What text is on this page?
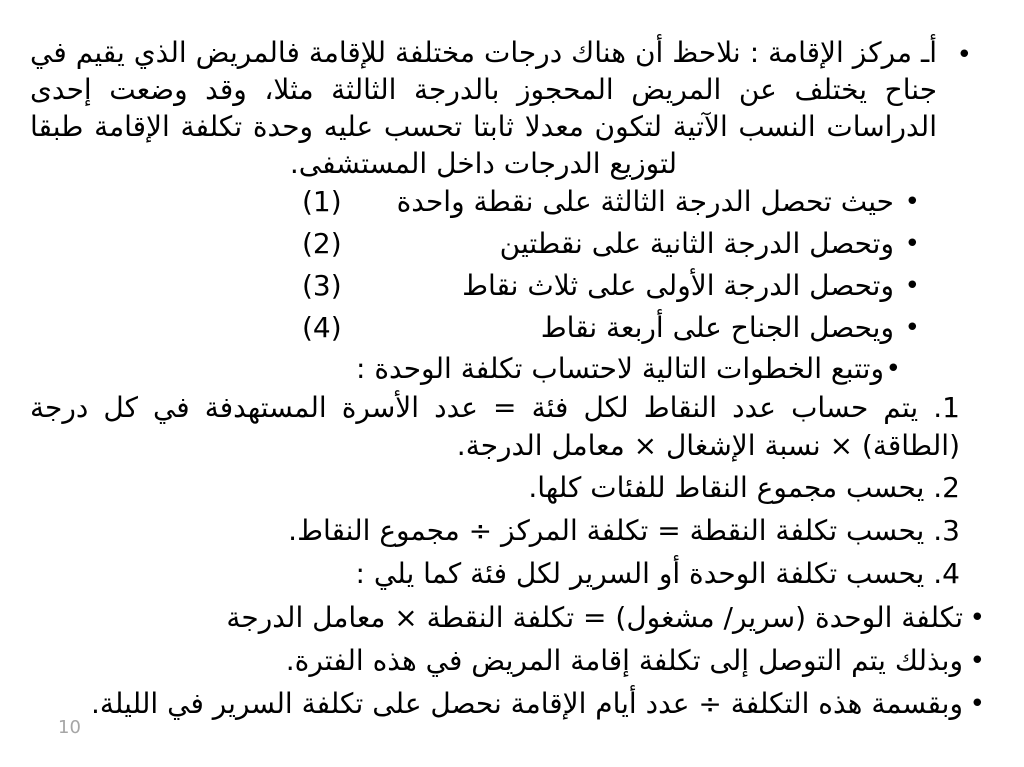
•
أـ مركز الإقامة : نلاحظ أن هناك درجات مختلفة للإقامة فالمريض الذي يقيم في جناح يختلف عن المريض المحجوز بالدرجة الثالثة مثلا، وقد وضعت إحدى الدراسات النسب الآتية لتكون معدلا ثابتا تحسب عليه وحدة تكلفة الإقامة طبقا لتوزيع الدرجات داخل المستشفى.
•
حيث تحصل الدرجة الثالثة على نقطة واحدة
(1)
•
وتحصل الدرجة الثانية على نقطتين
(2)
•
وتحصل الدرجة الأولى على ثلاث نقاط
(3)
•
ويحصل الجناح على أربعة نقاط
(4)
•
وتتبع الخطوات التالية لاحتساب تكلفة الوحدة :
1. يتم حساب عدد النقاط لكل فئة = عدد الأسرة المستهدفة في كل درجة (الطاقة) × نسبة الإشغال × معامل الدرجة.
2. يحسب مجموع النقاط للفئات كلها.
3. يحسب تكلفة النقطة = تكلفة المركز ÷ مجموع النقاط.
4. يحسب تكلفة الوحدة أو السرير لكل فئة كما يلي :
•
تكلفة الوحدة (سرير/ مشغول) = تكلفة النقطة × معامل الدرجة
•
وبذلك يتم التوصل إلى تكلفة إقامة المريض في هذه الفترة.
•
وبقسمة هذه التكلفة ÷ عدد أيام الإقامة نحصل على تكلفة السرير في الليلة.
10
